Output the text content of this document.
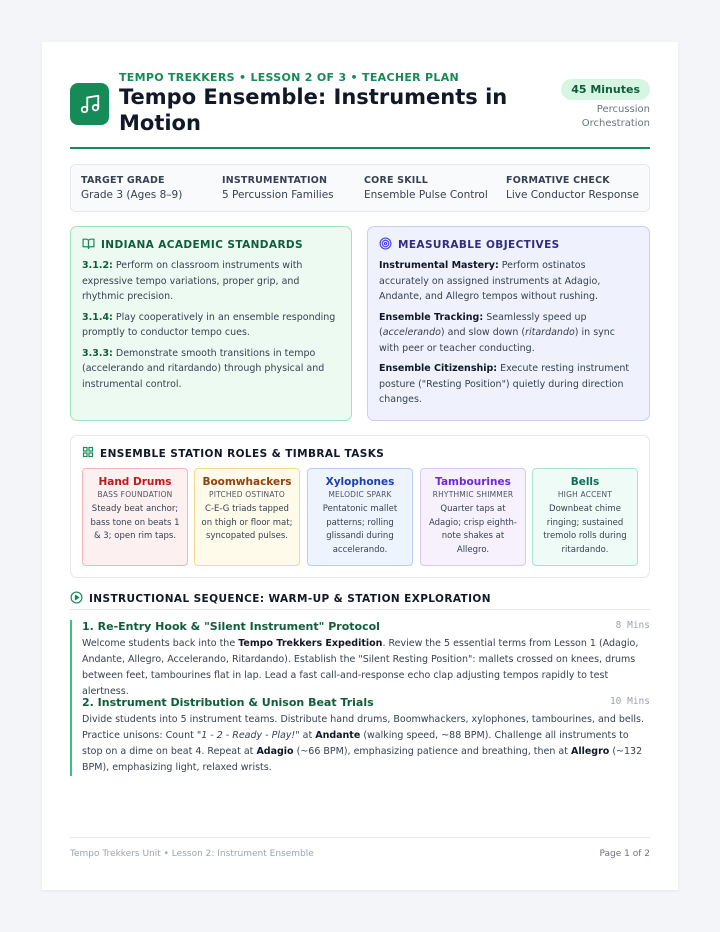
TEMPO TREKKERS • LESSON 2 OF 3 • TEACHER PLAN
Tempo Ensemble: Instruments in Motion
45 Minutes
Percussion
Orchestration
TARGET GRADE
Grade 3 (Ages 8–9)
INSTRUMENTATION
5 Percussion Families
CORE SKILL
Ensemble Pulse Control
FORMATIVE CHECK
Live Conductor Response
INDIANA ACADEMIC STANDARDS

3.1.2: Perform on classroom instruments with expressive tempo variations, proper grip, and rhythmic precision.

3.1.4: Play cooperatively in an ensemble responding promptly to conductor tempo cues.

3.3.3: Demonstrate smooth transitions in tempo (accelerando and ritardando) through physical and instrumental control.

MEASURABLE OBJECTIVES

Instrumental Mastery: Perform ostinatos accurately on assigned instruments at Adagio, Andante, and Allegro tempos without rushing.

Ensemble Tracking: Seamlessly speed up (accelerando) and slow down (ritardando) in sync with peer or teacher conducting.

Ensemble Citizenship: Execute resting instrument posture ("Resting Position") quietly during direction changes.

ENSEMBLE STATION ROLES & TIMBRAL TASKS
Hand Drums
BASS FOUNDATION
Steady beat anchor; bass tone on beats 1 & 3; open rim taps.
Boomwhackers
PITCHED OSTINATO
C-E-G triads tapped on thigh or floor mat; syncopated pulses.
Xylophones
MELODIC SPARK
Pentatonic mallet patterns; rolling glissandi during accelerando.
Tambourines
RHYTHMIC SHIMMER
Quarter taps at Adagio; crisp eighth-note shakes at Allegro.
Bells
HIGH ACCENT
Downbeat chime ringing; sustained tremolo rolls during ritardando.
INSTRUCTIONAL SEQUENCE: WARM-UP & STATION EXPLORATION
1. Re-Entry Hook & "Silent Instrument" Protocol	8 Mins
Welcome students back into the Tempo Trekkers Expedition. Review the 5 essential terms from Lesson 1 (Adagio, Andante, Allegro, Accelerando, Ritardando). Establish the "Silent Resting Position": mallets crossed on knees, drums between feet, tambourines flat in lap. Lead a fast call-and-response echo clap adjusting tempos rapidly to test alertness.
2. Instrument Distribution & Unison Beat Trials	10 Mins
Divide students into 5 instrument teams. Distribute hand drums, Boomwhackers, xylophones, tambourines, and bells. Practice unisons: Count "1 - 2 - Ready - Play!" at Andante (walking speed, ~88 BPM). Challenge all instruments to stop on a dime on beat 4. Repeat at Adagio (~66 BPM), emphasizing patience and breathing, then at Allegro (~132 BPM), emphasizing light, relaxed wrists.
Tempo Trekkers Unit • Lesson 2: Instrument Ensemble	Page 1 of 2
